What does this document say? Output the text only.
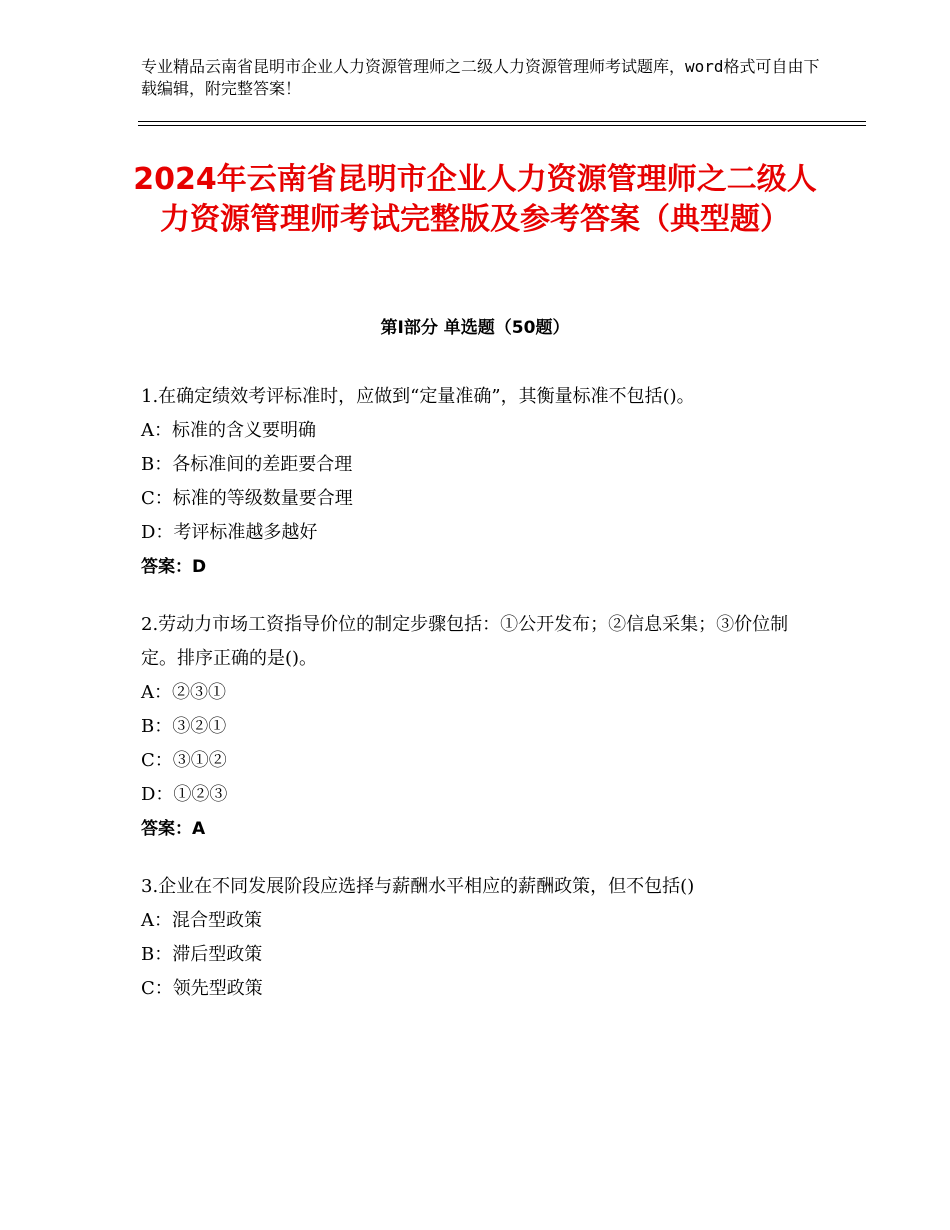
专业精品云南省昆明市企业人力资源管理师之二级人力资源管理师考试题库，word格式可自由下载编辑，附完整答案！
2024年云南省昆明市企业人力资源管理师之二级人力资源管理师考试完整版及参考答案（典型题）
第Ⅰ部分 单选题（50题）

1.在确定绩效考评标准时，应做到“定量准确”，其衡量标准不包括()。

A：标准的含义要明确

B：各标准间的差距要合理

C：标准的等级数量要合理

D：考评标准越多越好

答案：D

2.劳动力市场工资指导价位的制定步骤包括：①公开发布；②信息采集；③价位制定。排序正确的是()。

A：②③①

B：③②①

C：③①②

D：①②③

答案：A

3.企业在不同发展阶段应选择与薪酬水平相应的薪酬政策，但不包括()

A：混合型政策

B：滞后型政策

C：领先型政策
